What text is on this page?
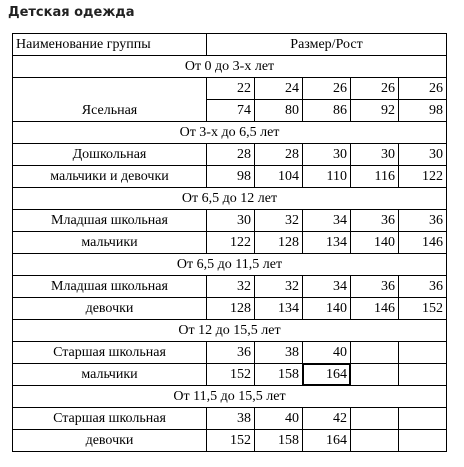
Детская одежда
Наименование группы	Размер/Рост				
От 0 до 3-х лет					
Ясельная	22	24	26	26	26
	74	80	86	92	98
От 3-х до 6,5 лет					
Дошкольная	28	28	30	30	30
мальчики и девочки	98	104	110	116	122
От 6,5 до 12 лет					
Младшая школьная	30	32	34	36	36
мальчики	122	128	134	140	146
От 6,5 до 11,5 лет					
Младшая школьная	32	32	34	36	36
девочки	128	134	140	146	152
От 12 до 15,5 лет					
Старшая школьная	36	38	40		
мальчики	152	158	164		
От 11,5 до 15,5 лет					
Старшая школьная	38	40	42		
девочки	152	158	164		
